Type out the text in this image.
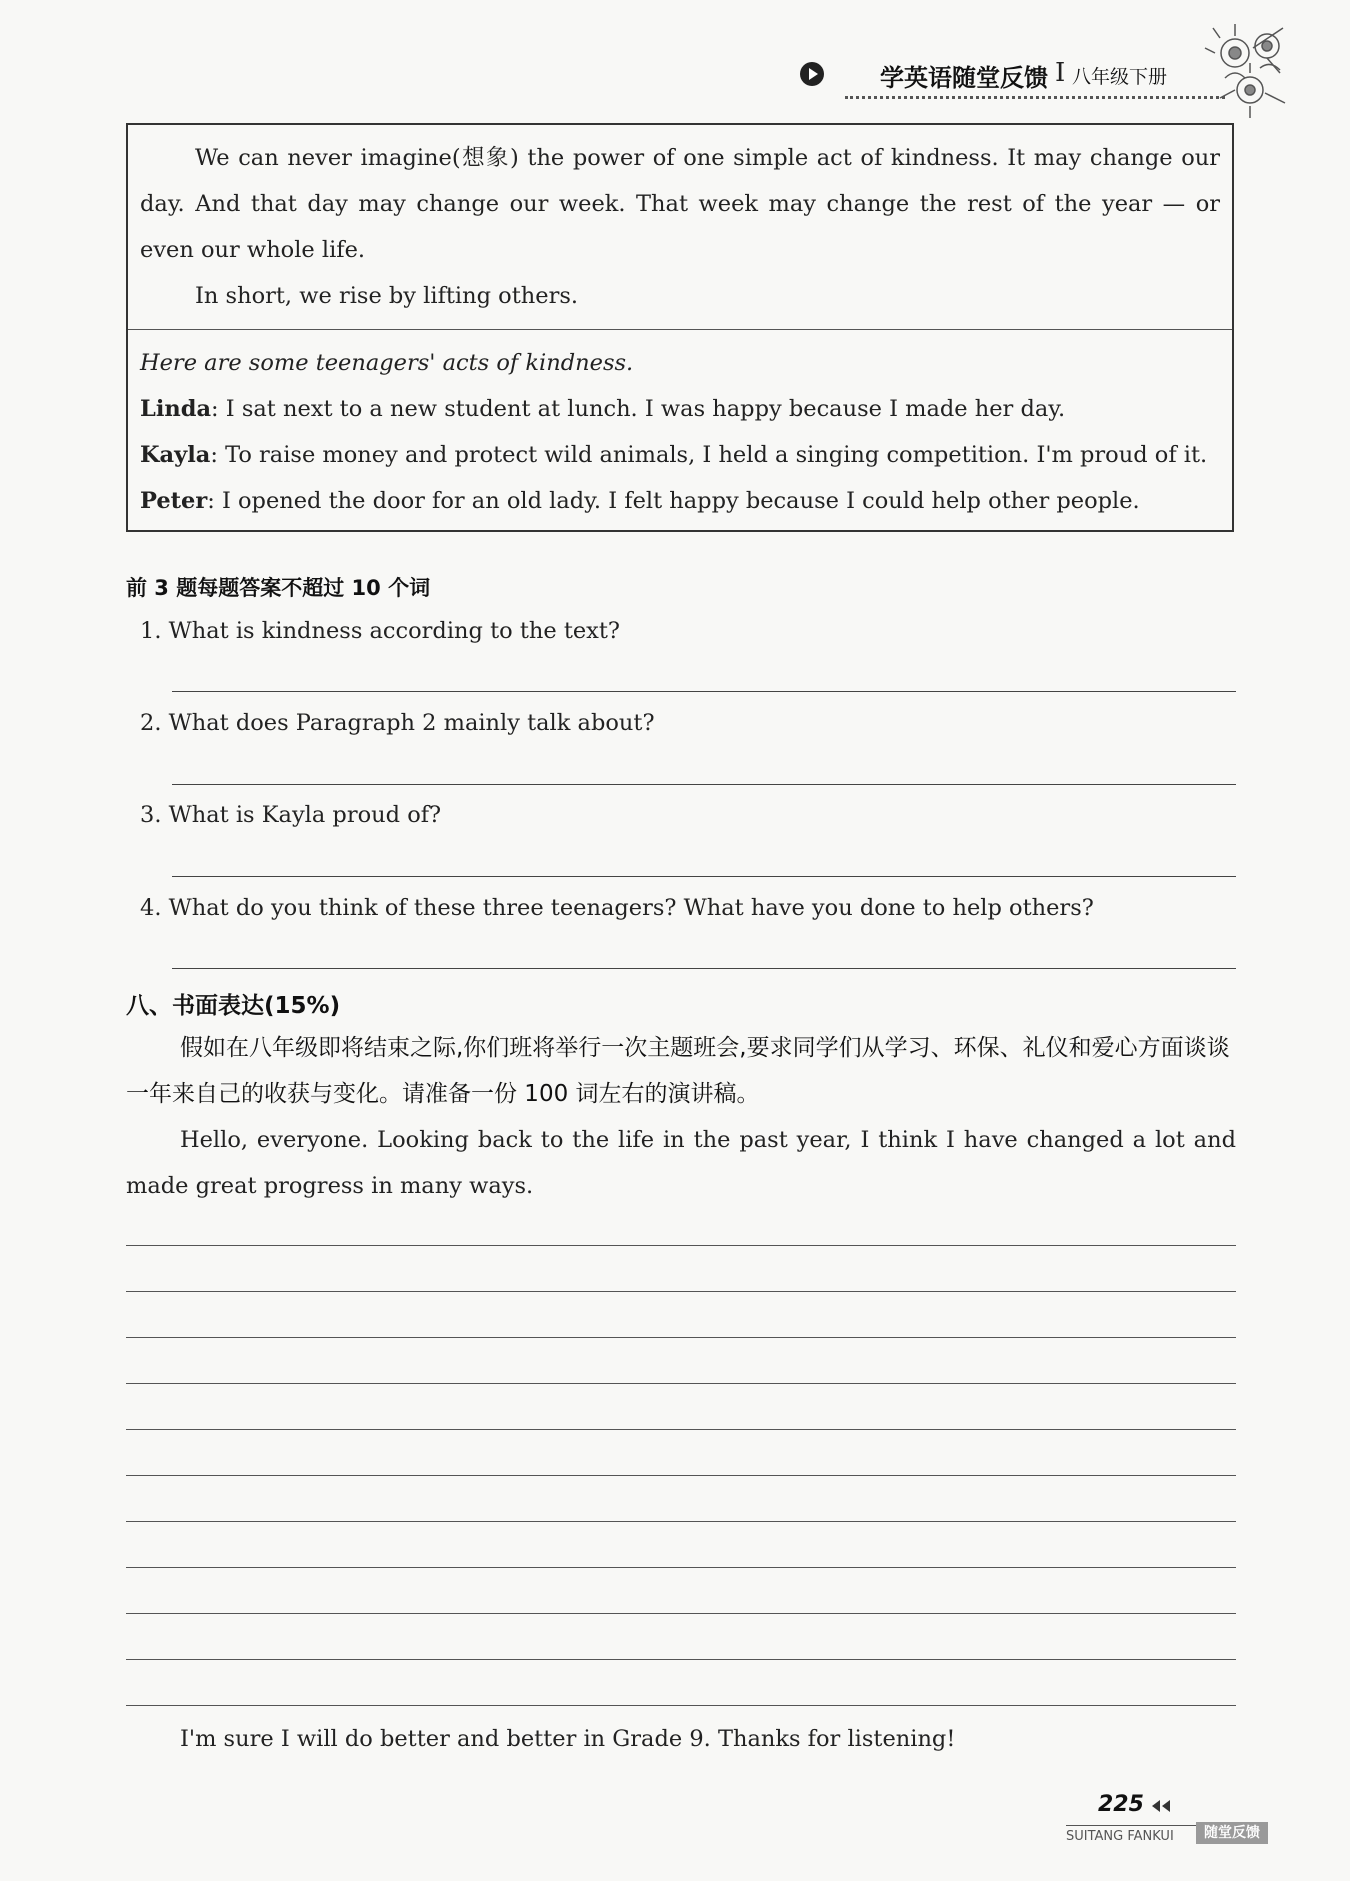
学英语随堂反馈 I 八年级下册

We can never imagine(想象) the power of one simple act of kindness. It may change our day. And that day may change our week. That week may change the rest of the year — or even our whole life.

In short, we rise by lifting others.

Here are some teenagers' acts of kindness.

Linda: I sat next to a new student at lunch. I was happy because I made her day.

Kayla: To raise money and protect wild animals, I held a singing competition. I'm proud of it.

Peter: I opened the door for an old lady. I felt happy because I could help other people.

前 3 题每题答案不超过 10 个词
1. What is kindness according to the text?
2. What does Paragraph 2 mainly talk about?
3. What is Kayla proud of?
4. What do you think of these three teenagers? What have you done to help others?
八、书面表达(15%)
假如在八年级即将结束之际,你们班将举行一次主题班会,要求同学们从学习、环保、礼仪和爱心方面谈谈一年来自己的收获与变化。请准备一份 100 词左右的演讲稿。
Hello, everyone. Looking back to the life in the past year, I think I have changed a lot and made great progress in many ways.
I'm sure I will do better and better in Grade 9. Thanks for listening!
225
SUITANG FANKUI	随堂反馈
